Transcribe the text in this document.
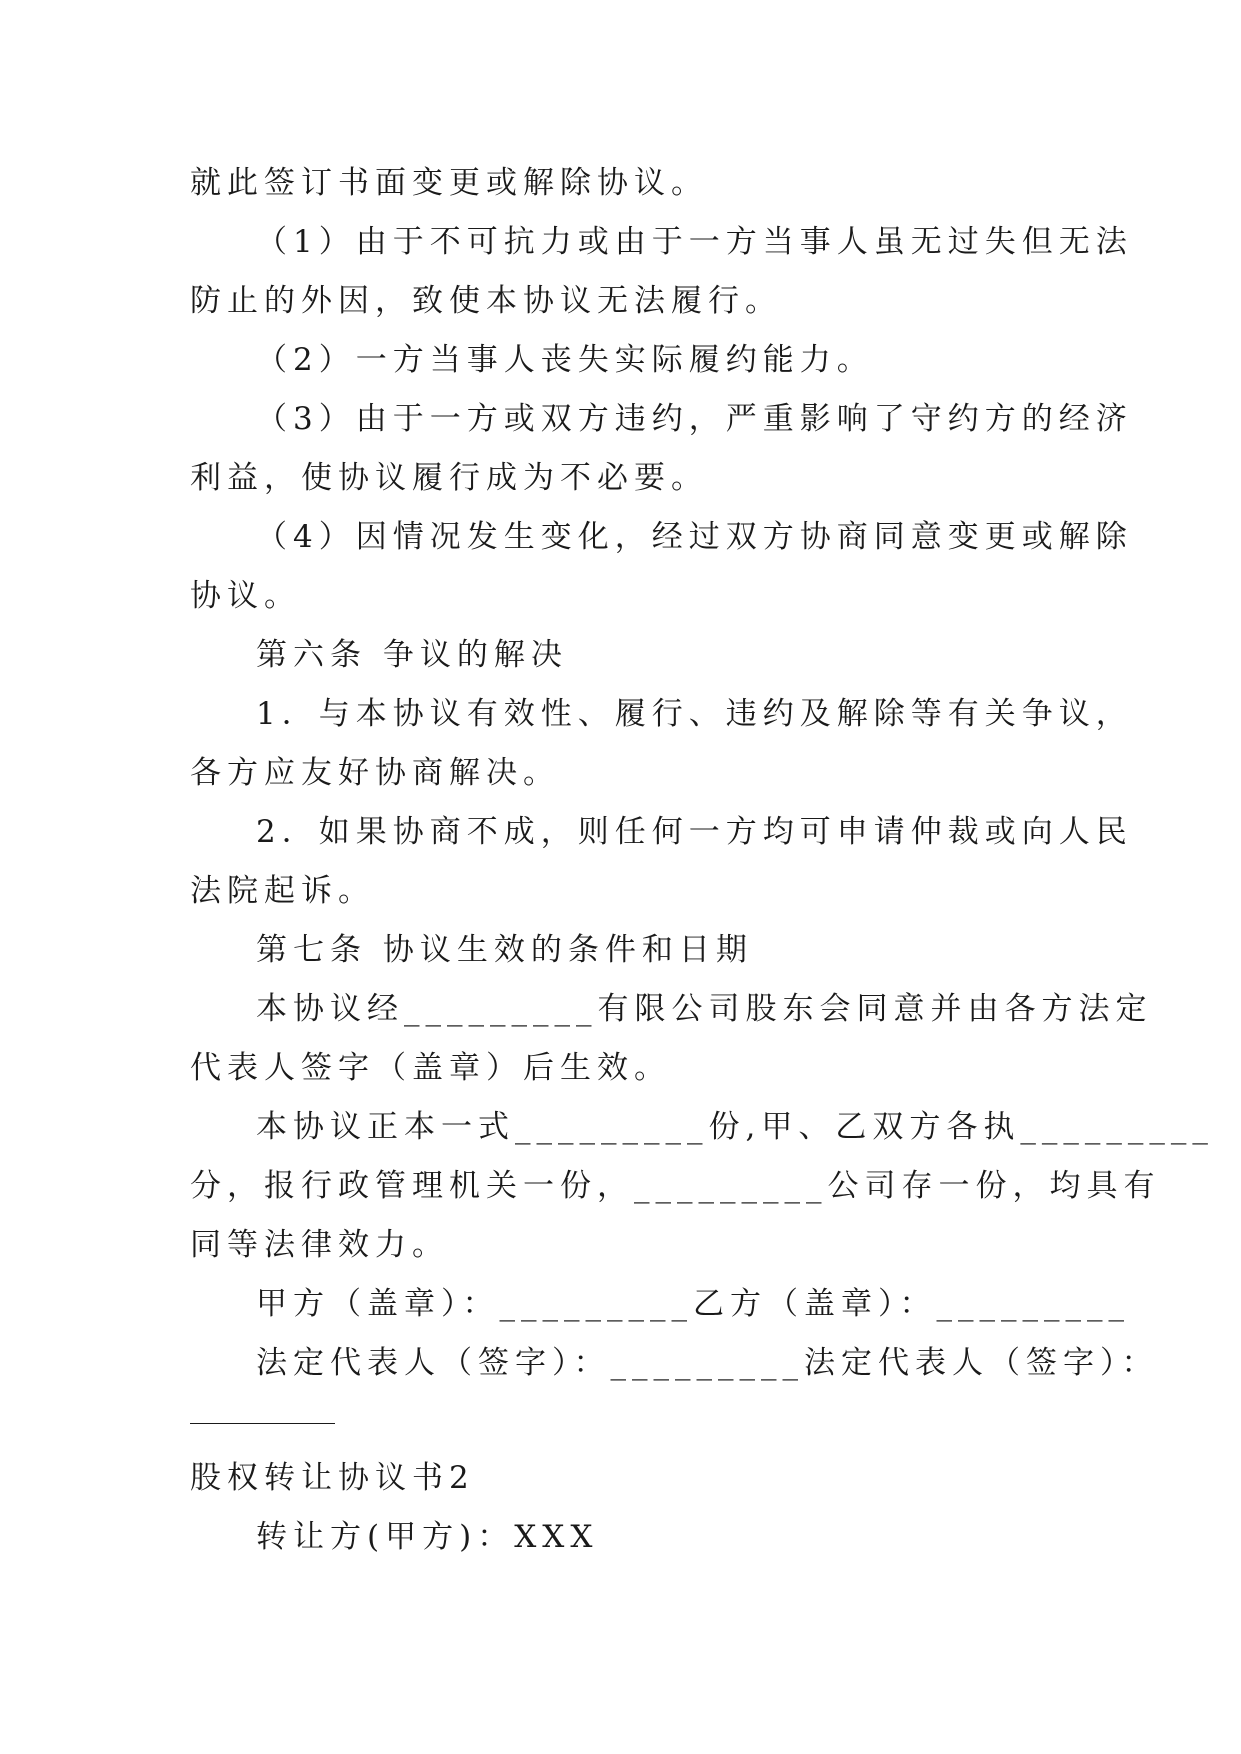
就此签订书面变更或解除协议。
（1）由于不可抗力或由于一方当事人虽无过失但无法
防止的外因，致使本协议无法履行。
（2）一方当事人丧失实际履约能力。
（3）由于一方或双方违约，严重影响了守约方的经济
利益，使协议履行成为不必要。
（4）因情况发生变化，经过双方协商同意变更或解除
协议。
第六条 争议的解决
1．与本协议有效性、履行、违约及解除等有关争议，
各方应友好协商解决。
2．如果协商不成，则任何一方均可申请仲裁或向人民
法院起诉。
第七条 协议生效的条件和日期
本协议经_________有限公司股东会同意并由各方法定
代表人签字（盖章）后生效。
本协议正本一式_________份,甲、乙双方各执_________
分，报行政管理机关一份，_________公司存一份，均具有
同等法律效力。
甲方（盖章）：_________乙方（盖章）：_________
法定代表人（签字）：_________法定代表人（签字）：
股权转让协议书2
转让方(甲方)：XXX
